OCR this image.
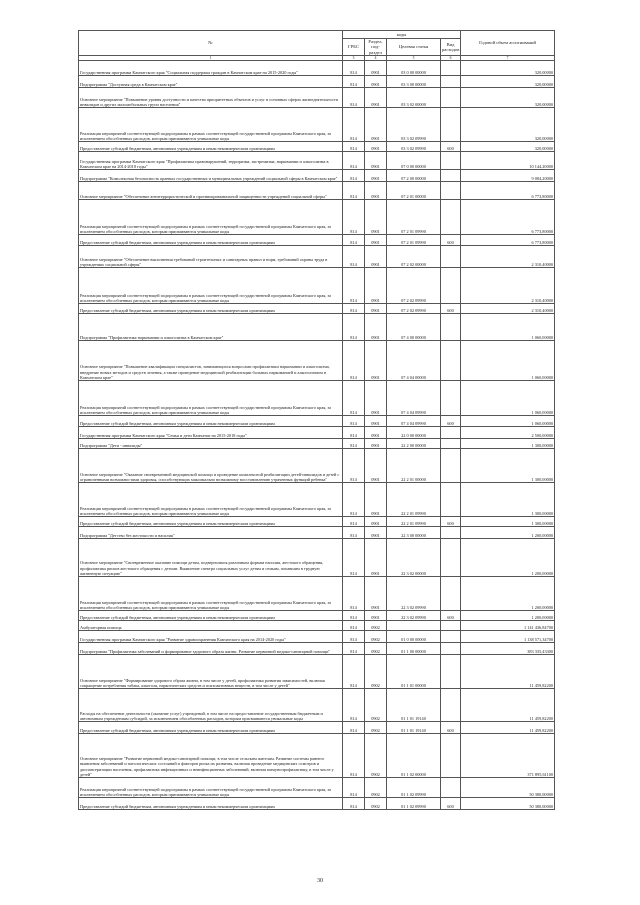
№	коды				Годовой объем ассигнований
	ГРБС	Раздел, под-раздел	Целевая статья	Вид расходов	
1	3	4	5	6	7
Государственная программа Камчатского края "Социальная поддержка граждан в Камчатском крае на 2015-2020 годы"	814	0901	03 0 00 00000		320,00000
Подпрограмма "Доступная среда в Камчатском крае"	814	0901	03 3 00 00000		320,00000
Основное мероприятие "Повышение уровня доступности и качества приоритетных объектов и услуг в основных сферах жизнедеятельности инвалидов и других маломобильных групп населения"	814	0901	03 3 02 00000		320,00000
Реализация мероприятий соответствующей подпрограммы в рамках соответствующей государственной программы Камчатского края, за исключением обособленных расходов, которым присваиваются уникальные коды	814	0901	03 3 02 09990		320,00000
Предоставление субсидий бюджетным, автономным учреждениям и иным некоммерческим организациям	814	0901	03 3 02 09990	600	320,00000
Государственная программа Камчатского края "Профилактика правонарушений, терроризма, экстремизма, наркомании и алкоголизма в Камчатском крае на 2014-2018 годы"	814	0901	07 0 00 00000		10 144,20000
Подпрограмма "Комплексная безопасность краевых государственных и муниципальных учреждений социальной сферы в Камчатском крае"	814	0901	07 2 00 00000		9 084,20000
Основное мероприятие "Обеспечение антитеррористической и противокриминальной защищенности учреждений социальной сферы"	814	0901	07 2 01 00000		6 773,80000
Реализация мероприятий соответствующей подпрограммы в рамках соответствующей государственной программы Камчатского края, за исключением обособленных расходов, которым присваиваются уникальные коды	814	0901	07 2 01 09990		6 773,80000
Предоставление субсидий бюджетным, автономным учреждениям и иным некоммерческим организациям	814	0901	07 2 01 09990	600	6 773,80000
Основное мероприятие "Обеспечение выполнения требований строительных и санитарных правил и норм, требований охраны труда в учреждениях социальной сферы"	814	0901	07 2 02 00000		2 310,40000
Реализация мероприятий соответствующей подпрограммы в рамках соответствующей государственной программы Камчатского края, за исключением обособленных расходов, которым присваиваются уникальные коды	814	0901	07 2 02 09990		2 310,40000
Предоставление субсидий бюджетным, автономным учреждениям и иным некоммерческим организациям	814	0901	07 2 02 09990	600	2 310,40000
Подпрограмма "Профилактика наркомании и алкоголизма в Камчатском крае"	814	0901	07 4 00 00000		1 060,00000
Основное мероприятие "Повышение квалификации специалистов, занимающихся вопросами профилактики наркомании и алкоголизма, внедрение новых методов и средств лечения, а также проведение медицинской реабилитации больных наркоманией и алкоголизмом в Камчатском крае"	814	0901	07 4 04 00000		1 060,00000
Реализация мероприятий соответствующей подпрограммы в рамках соответствующей государственной программы Камчатского края, за исключением обособленных расходов, которым присваиваются уникальные коды	814	0901	07 4 04 09990		1 060,00000
Предоставление субсидий бюджетным, автономным учреждениям и иным некоммерческим организациям	814	0901	07 4 04 09990	600	1 060,00000
Государственная программа Камчатского края "Семья и дети Камчатки на 2015-2018 годы"	814	0901	22 0 00 00000		2 500,00000
Подпрограмма "Дети - инвалиды"	814	0901	22 2 00 00000		1 300,00000
Основное мероприятие "Оказание своевременной медицинской помощи и проведение комплексной реабилитации детей-инвалидов и детей с ограниченными возможностями здоровья, способствующих максимально возможному восстановлению утраченных функций ребенка"	814	0901	22 2 01 00000		1 300,00000
Реализация мероприятий соответствующей подпрограммы в рамках соответствующей государственной программы Камчатского края, за исключением обособленных расходов, которым присваиваются уникальные коды	814	0901	22 2 01 09990		1 300,00000
Предоставление субсидий бюджетным, автономным учреждениям и иным некоммерческим организациям	814	0901	22 2 01 09990	600	1 300,00000
Подпрограмма "Детство без жестокости и насилия"	814	0901	22 3 00 00000		1 200,00000
Основное мероприятие "Своевременное оказание помощи детям, подвергшимся различным формам насилия, жестокого обращения, профилактика рисков жестокого обращения с детьми. Выявление спектра социальных услуг детям и семьям, попавшим в трудную жизненную ситуацию"	814	0901	22 3 02 00000		1 200,00000
Реализация мероприятий соответствующей подпрограммы в рамках соответствующей государственной программы Камчатского края, за исключением обособленных расходов, которым присваиваются уникальные коды	814	0901	22 3 02 09990		1 200,00000
Предоставление субсидий бюджетным, автономным учреждениям и иным некоммерческим организациям	814	0901	22 3 02 09990	600	1 200,00000
Амбулаторная помощь	814	0902			1 141 436,84700
Государственная программа Камчатского края "Развитие здравоохранения Камчатского края на 2014-2020 годы"	814	0902	01 0 00 00000		1 138 571,34700
Подпрограмма "Профилактика заболеваний и формирование здорового образа жизни. Развитие первичной медико-санитарной помощи"	814	0902	01 1 00 00000		383 335,43300
Основное мероприятие "Формирование здорового образа жизни, в том числе у детей, профилактика развития зависимостей, включая сокращение потребления табака, алкоголя, наркотических средств и психоактивных веществ, в том числе у детей"	814	0902	01 1 01 00000		11 459,82200
Расходы на обеспечение деятельности (оказание услуг) учреждений, в том числе на предоставление государственным бюджетным и автономным учреждениям субсидий, за исключением обособленных расходов, которым присваиваются уникальные коды	814	0902	01 1 01 19140		11 459,82200
Предоставление субсидий бюджетным, автономным учреждениям и иным некоммерческим организациям	814	0902	01 1 01 19140	600	11 459,82200
Основное мероприятие "Развитие первичной медико-санитарной помощи, в том числе сельским жителям. Развитие системы раннего выявления заболеваний и патологических состояний и факторов риска их развития, включая проведение медицинских осмотров и диспансеризации населения, профилактика инфекционных и неинфекционных заболеваний, включая иммунопрофилактику, в том числе у детей"	814	0902	01 1 02 00000		371 895,61100
Реализация мероприятий соответствующей подпрограммы в рамках соответствующей государственной программы Камчатского края, за исключением обособленных расходов, которым присваиваются уникальные коды	814	0902	01 1 02 09990		50 380,00000
Предоставление субсидий бюджетным, автономным учреждениям и иным некоммерческим организациям	814	0902	01 1 02 09990	600	50 380,00000
30
